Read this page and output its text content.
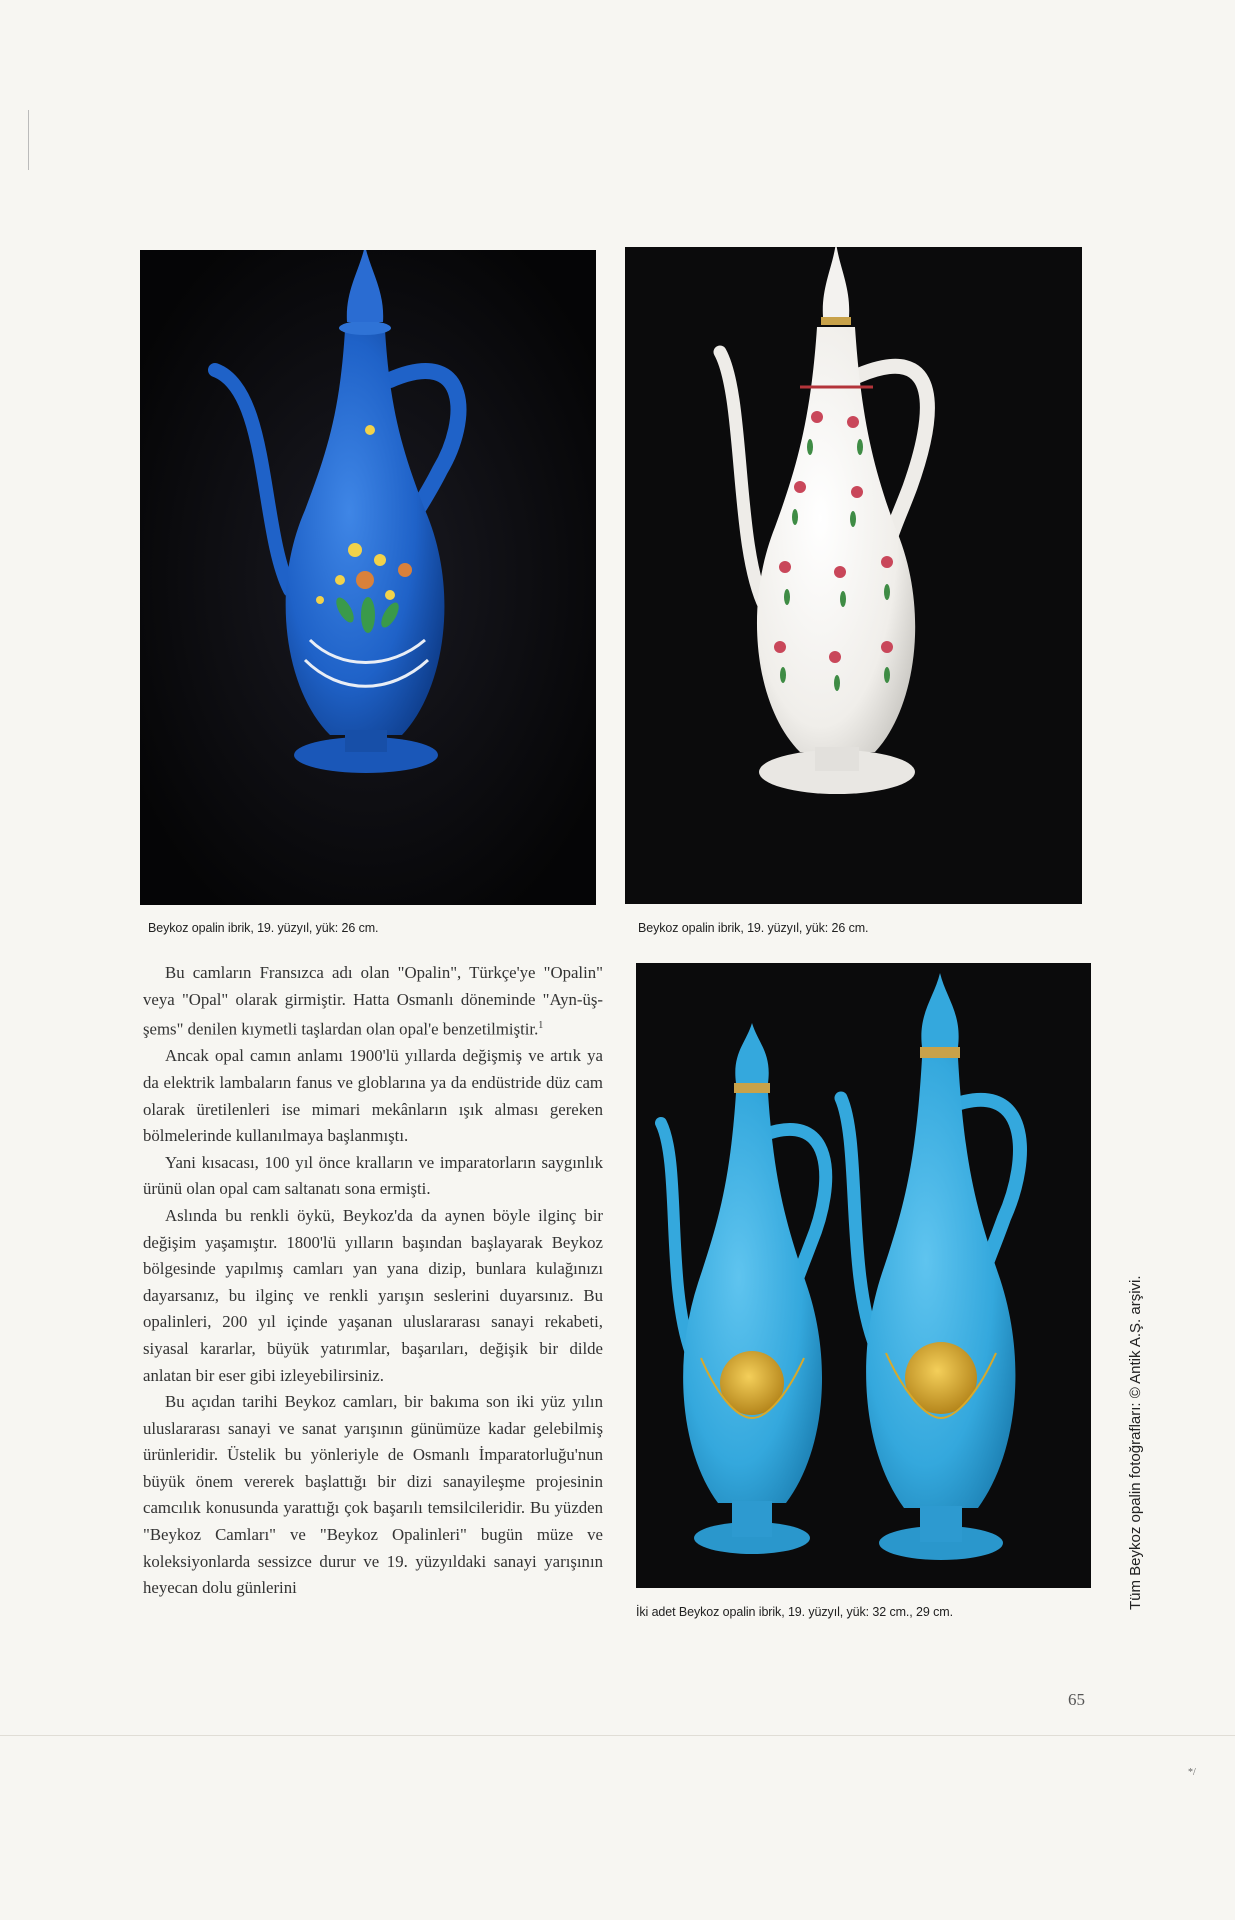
Beykoz opalin ibrik, 19. yüzyıl, yük: 26 cm.	Beykoz opalin ibrik, 19. yüzyıl, yük: 26 cm.
İki adet Beykoz opalin ibrik, 19. yüzyıl, yük: 32 cm., 29 cm.

Bu camların Fransızca adı olan "Opalin", Türkçe'ye "Opalin" veya "Opal" olarak girmiştir. Hatta Osmanlı döneminde "Ayn-üş-şems" denilen kıymetli taşlardan olan opal'e benzetilmiştir.$^1$

Ancak opal camın anlamı 1900'lü yıllarda değişmiş ve artık ya da elektrik lambaların fanus ve globlarına ya da endüstride düz cam olarak üretilenleri ise mimari mekânların ışık alması gereken bölmelerinde kullanılmaya başlanmıştı.

Yani kısacası, 100 yıl önce kralların ve imparatorların saygınlık ürünü olan opal cam saltanatı sona ermişti.

Aslında bu renkli öykü, Beykoz'da da aynen böyle ilginç bir değişim yaşamıştır. 1800'lü yılların başından başlayarak Beykoz bölgesinde yapılmış camları yan yana dizip, bunlara kulağınızı dayarsanız, bu ilginç ve renkli yarışın seslerini duyarsınız. Bu opalinleri, 200 yıl içinde yaşanan uluslararası sanayi rekabeti, siyasal kararlar, büyük yatırımlar, başarıları, değişik bir dilde anlatan bir eser gibi izleyebilirsiniz.

Bu açıdan tarihi Beykoz camları, bir bakıma son iki yüz yılın uluslararası sanayi ve sanat yarışının günümüze kadar gelebilmiş ürünleridir. Üstelik bu yönleriyle de Osmanlı İmparatorluğu'nun büyük önem vererek başlattığı bir dizi sanayileşme projesinin camcılık konusunda yarattığı çok başarılı temsilcileridir. Bu yüzden "Beykoz Camları" ve "Beykoz Opalinleri" bugün müze ve koleksiyonlarda sessizce durur ve 19. yüzyıldaki sanayi yarışının heyecan dolu günlerini	Tüm Beykoz opalin fotoğrafları: © Antik A.Ş. arşivi.
65
*/
